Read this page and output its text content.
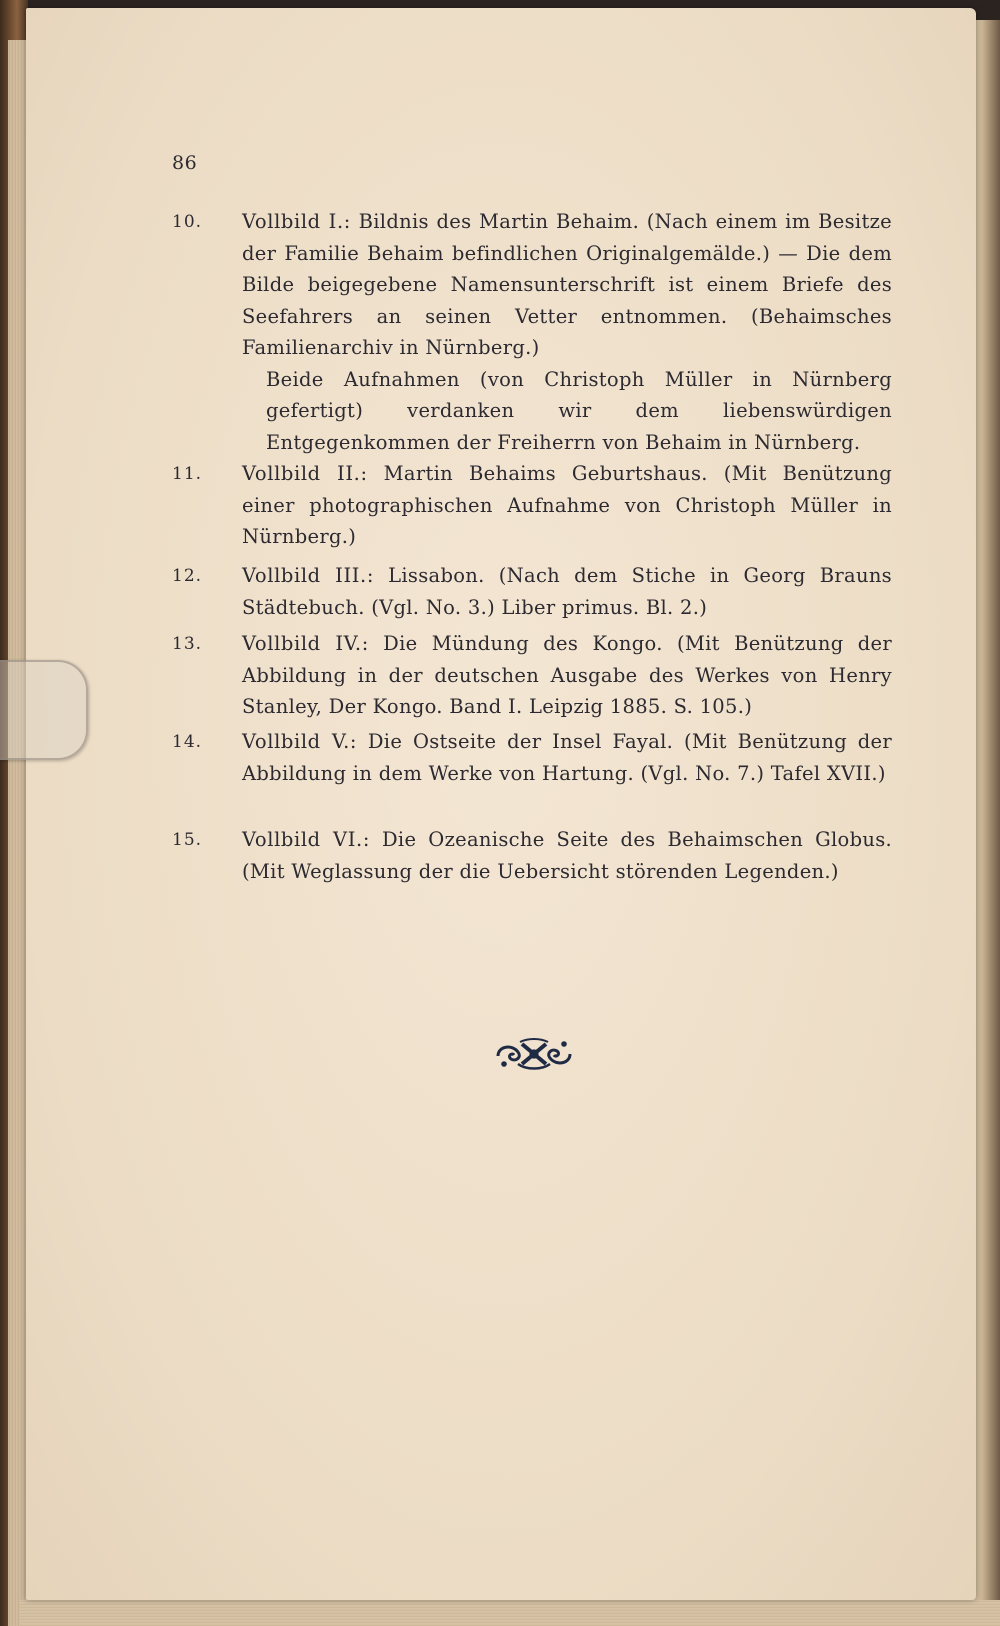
86
10. Vollbild I.: Bildnis des Martin Behaim. (Nach einem im Besitze der Familie Behaim befindlichen Originalgemälde.) — Die dem Bilde beigegebene Namensunterschrift ist einem Briefe des Seefahrers an seinen Vetter entnommen. (Behaimsches Familienarchiv in Nürnberg.)
Beide Aufnahmen (von Christoph Müller in Nürnberg gefertigt) verdanken wir dem liebenswürdigen Entgegenkommen der Freiherrn von Behaim in Nürnberg.
11. Vollbild II.: Martin Behaims Geburtshaus. (Mit Benützung einer photographischen Aufnahme von Christoph Müller in Nürnberg.)
12. Vollbild III.: Lissabon. (Nach dem Stiche in Georg Brauns Städtebuch. (Vgl. No. 3.) Liber primus. Bl. 2.)
13. Vollbild IV.: Die Mündung des Kongo. (Mit Benützung der Abbildung in der deutschen Ausgabe des Werkes von Henry Stanley, Der Kongo. Band I. Leipzig 1885. S. 105.)
14. Vollbild V.: Die Ostseite der Insel Fayal. (Mit Benützung der Abbildung in dem Werke von Hartung. (Vgl. No. 7.) Tafel XVII.)
15. Vollbild VI.: Die Ozeanische Seite des Behaimschen Globus. (Mit Weglassung der die Uebersicht störenden Legenden.)
